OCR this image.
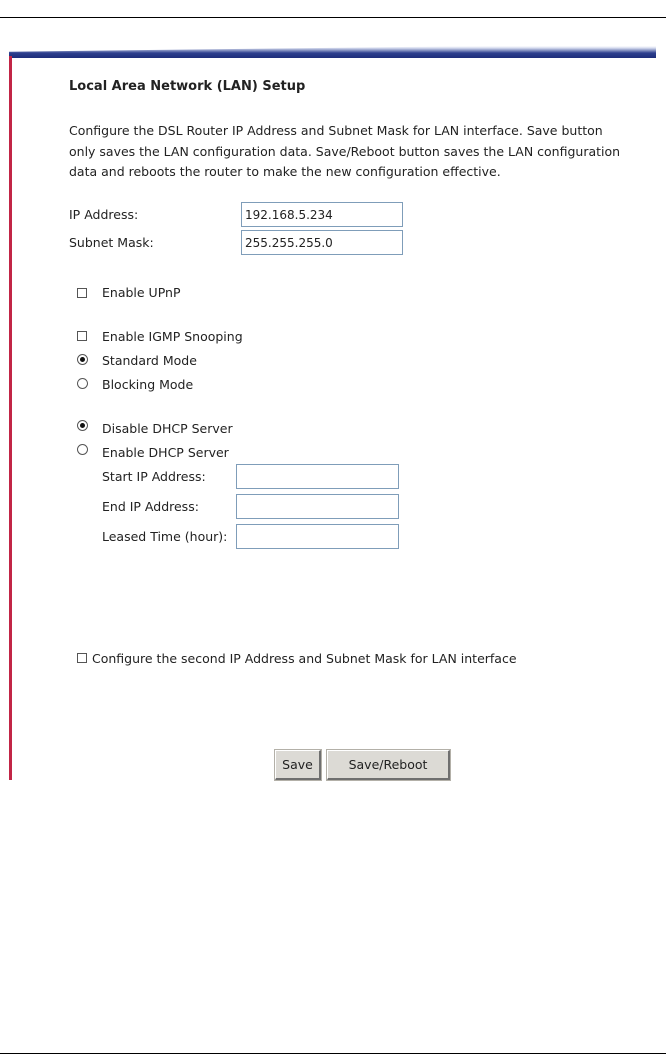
Local Area Network (LAN) Setup

Configure the DSL Router IP Address and Subnet Mask for LAN interface. Save button
only saves the LAN configuration data. Save/Reboot button saves the LAN configuration
data and reboots the router to make the new configuration effective.

IP Address:
192.168.5.234
Subnet Mask:
255.255.255.0
Enable UPnP
Enable IGMP Snooping
Standard Mode
Blocking Mode
Disable DHCP Server
Enable DHCP Server
Start IP Address:
End IP Address:
Leased Time (hour):
Configure the second IP Address and Subnet Mask for LAN interface
Save	Save/Reboot
